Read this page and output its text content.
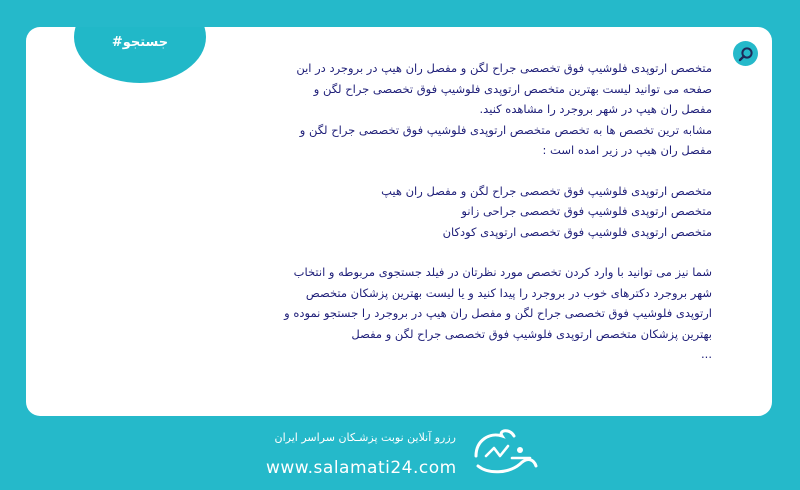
#جستجو

متخصص ارتوپدی فلوشیپ فوق تخصصی جراح لگن و مفصل ران هیپ در بروجرد در این صفحه می توانید لیست بهترین متخصص ارتوپدی فلوشیپ فوق تخصصی جراح لگن و مفصل ران هیپ در شهر بروجرد را مشاهده کنید.

مشابه ترین تخصص ها به تخصص متخصص ارتوپدی فلوشیپ فوق تخصصی جراح لگن و مفصل ران هیپ در زیر امده است :

متخصص ارتوپدی فلوشیپ فوق تخصصی جراح لگن و مفصل ران هیپ

متخصص ارتوپدی فلوشیپ فوق تخصصی جراحی زانو

متخصص ارتوپدی فلوشیپ فوق تخصصی ارتوپدی کودکان

شما نیز می توانید با وارد کردن تخصص مورد نظرتان در فیلد جستجوی مربوطه و انتخاب شهر بروجرد دکترهای خوب در بروجرد را پیدا کنید و یا لیست بهترین پزشکان متخصص ارتوپدی فلوشیپ فوق تخصصی جراح لگن و مفصل ران هیپ در بروجرد را جستجو نموده و بهترین پزشکان متخصص ارتوپدی فلوشیپ فوق تخصصی جراح لگن و مفصل

...

رزرو آنلاین نوبت پزشـکان سراسر ایران
www.salamati24.com
